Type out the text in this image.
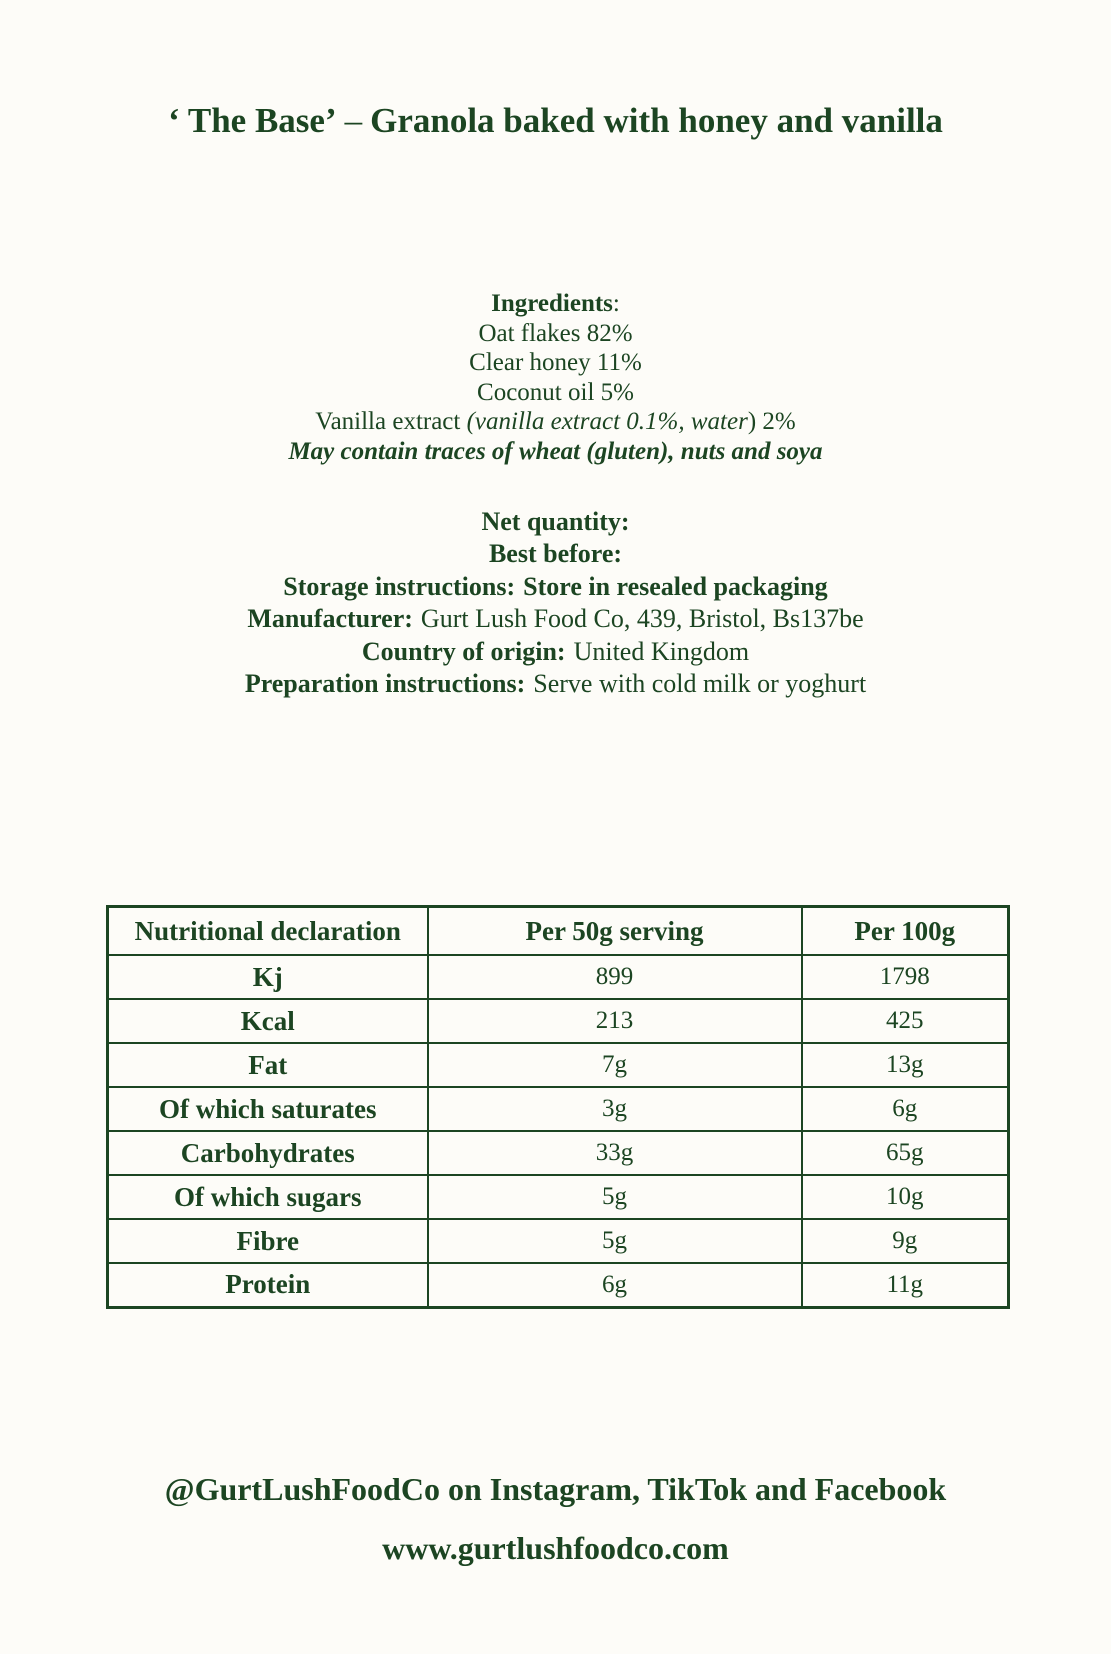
‘ The Base’ – Granola baked with honey and vanilla
Ingredients:
Oat flakes 82%
Clear honey 11%
Coconut oil 5%
Vanilla extract (vanilla extract 0.1%, water) 2%
May contain traces of wheat (gluten), nuts and soya
Net quantity:
Best before:
Storage instructions: Store in resealed packaging
Manufacturer: Gurt Lush Food Co, 439, Bristol, Bs137be
Country of origin: United Kingdom
Preparation instructions: Serve with cold milk or yoghurt
Nutritional declaration	Per 50g serving	Per 100g
Kj	899	1798
Kcal	213	425
Fat	7g	13g
Of which saturates	3g	6g
Carbohydrates	33g	65g
Of which sugars	5g	10g
Fibre	5g	9g
Protein	6g	11g
@GurtLushFoodCo on Instagram, TikTok and Facebook
www.gurtlushfoodco.com
